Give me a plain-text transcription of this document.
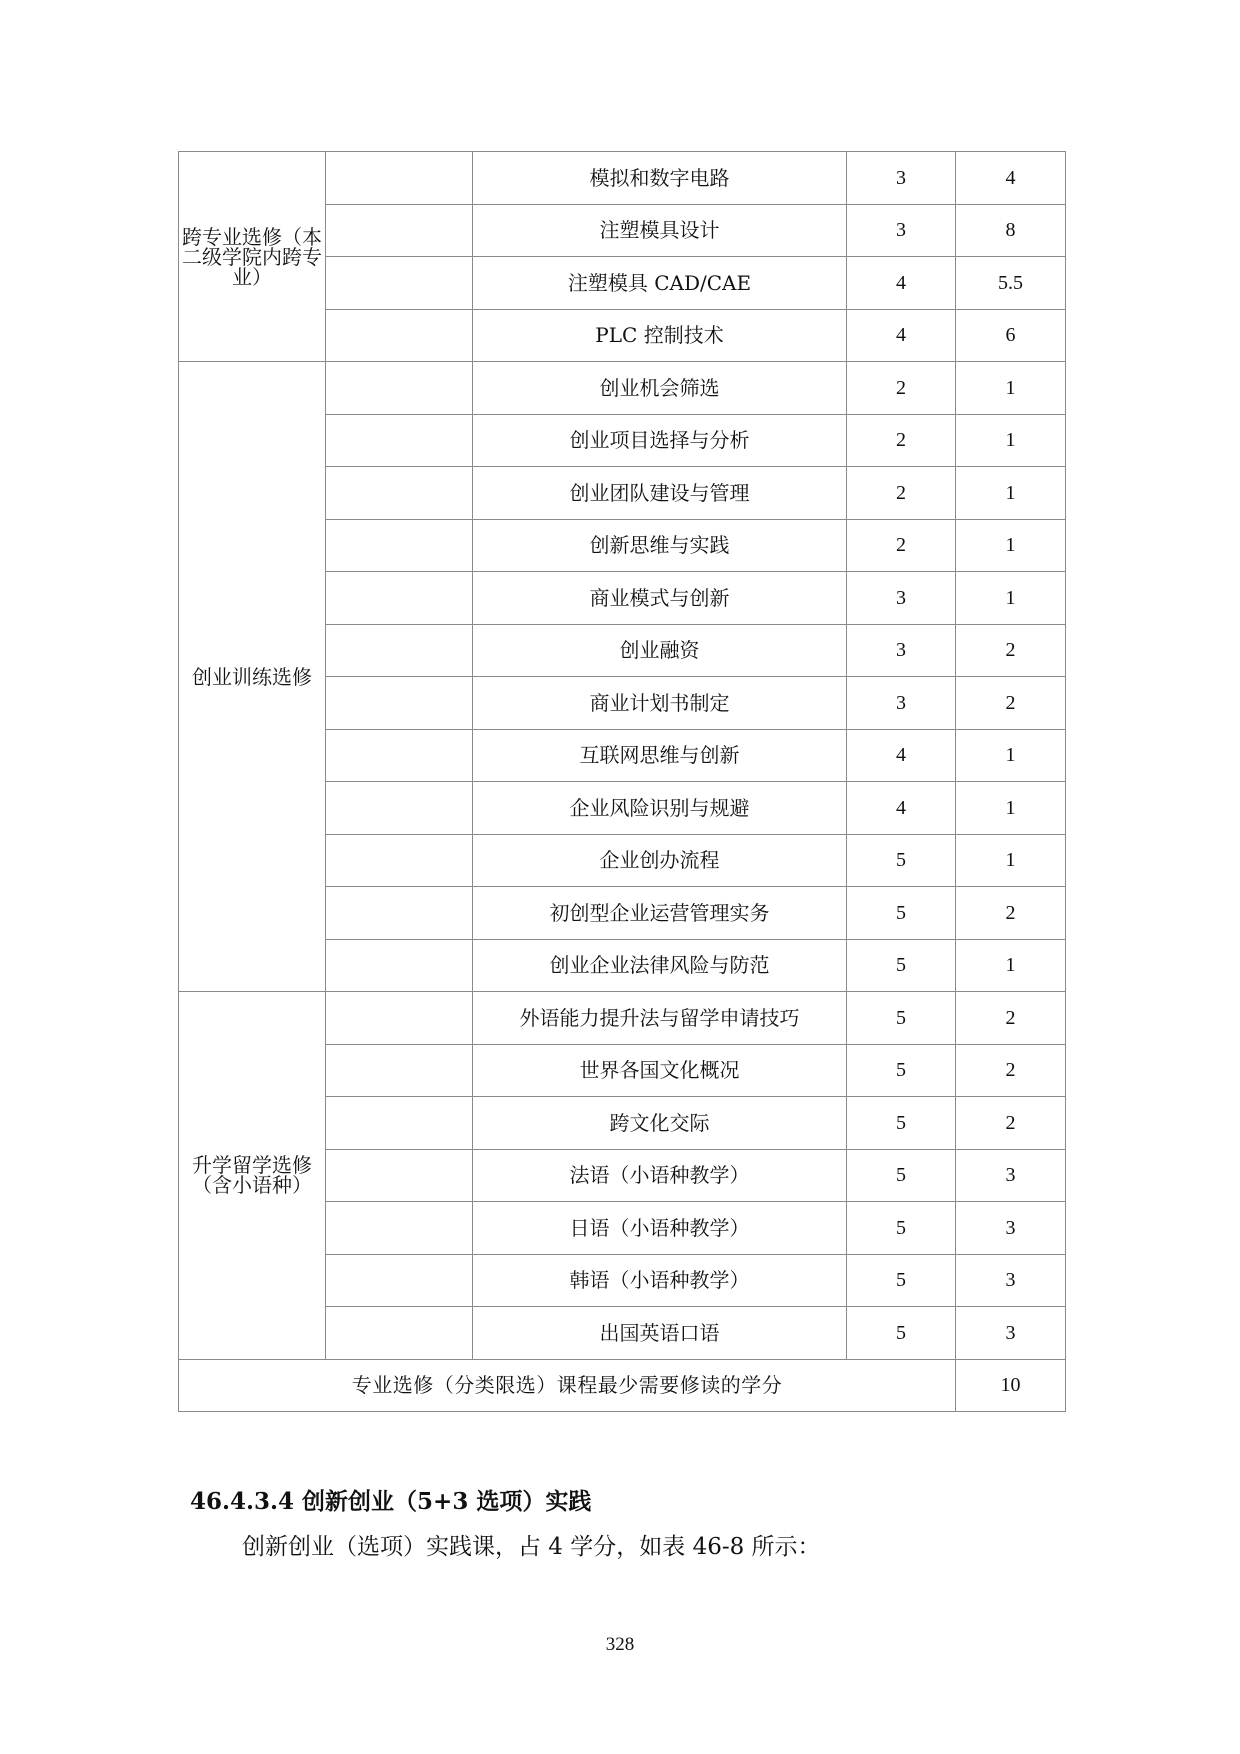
跨专业选修（本二级学院内跨专业）		模拟和数字电路	3	4
		注塑模具设计	3	8
		注塑模具 CAD/CAE	4	5.5
		PLC 控制技术	4	6
创业训练选修		创业机会筛选	2	1
		创业项目选择与分析	2	1
		创业团队建设与管理	2	1
		创新思维与实践	2	1
		商业模式与创新	3	1
		创业融资	3	2
		商业计划书制定	3	2
		互联网思维与创新	4	1
		企业风险识别与规避	4	1
		企业创办流程	5	1
		初创型企业运营管理实务	5	2
		创业企业法律风险与防范	5	1
升学留学选修（含小语种）		外语能力提升法与留学申请技巧	5	2
		世界各国文化概况	5	2
		跨文化交际	5	2
		法语（小语种教学）	5	3
		日语（小语种教学）	5	3
		韩语（小语种教学）	5	3
		出国英语口语	5	3
专业选修（分类限选）课程最少需要修读的学分				10
46.4.3.4 创新创业（5+3 选项）实践

创新创业（选项）实践课，占 4 学分，如表 46-8 所示：

328
